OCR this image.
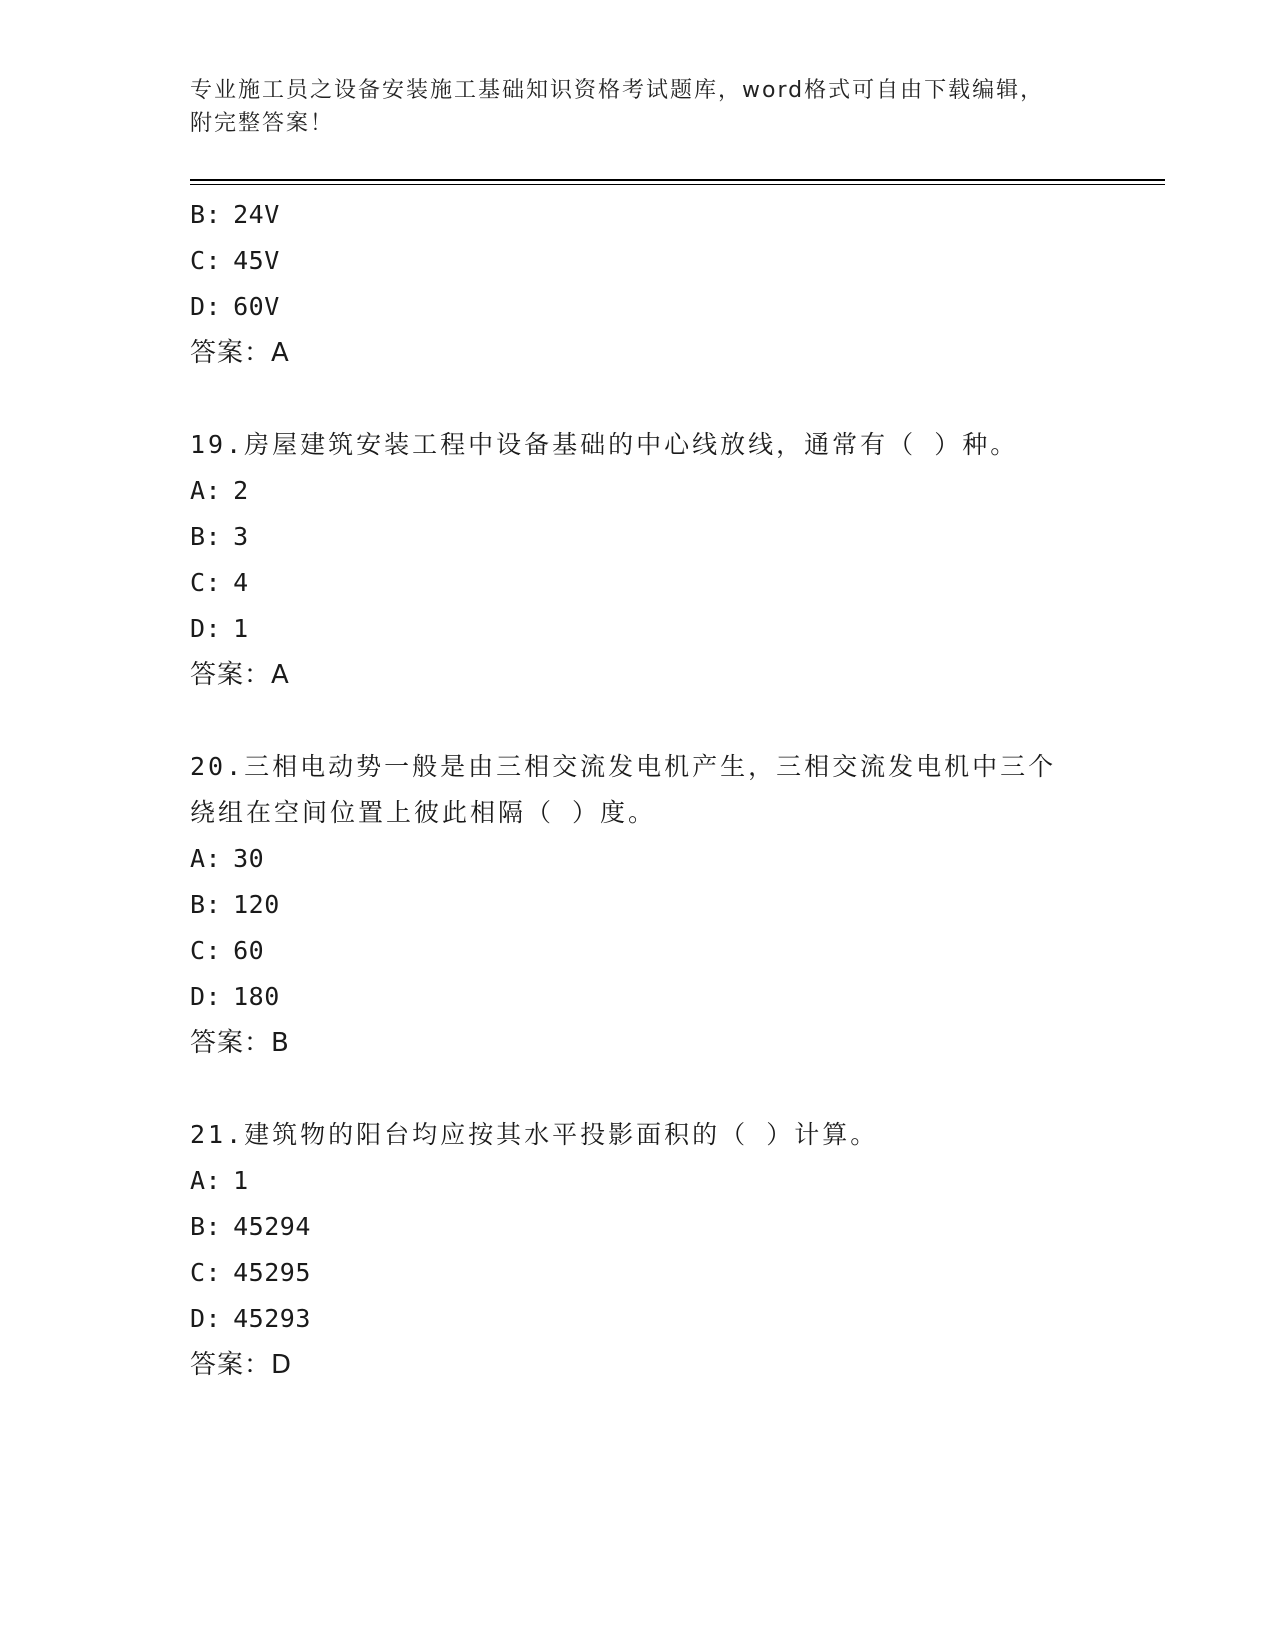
专业施工员之设备安装施工基础知识资格考试题库，word格式可自由下载编辑，
附完整答案！
B: 24V
C: 45V
D: 60V
答案：A
19.房屋建筑安装工程中设备基础的中心线放线，通常有（ ）种。
A: 2
B: 3
C: 4
D: 1
答案：A
20.三相电动势一般是由三相交流发电机产生，三相交流发电机中三个
绕组在空间位置上彼此相隔（ ）度。
A: 30
B: 120
C: 60
D: 180
答案：B
21.建筑物的阳台均应按其水平投影面积的（ ）计算。
A: 1
B: 45294
C: 45295
D: 45293
答案：D
